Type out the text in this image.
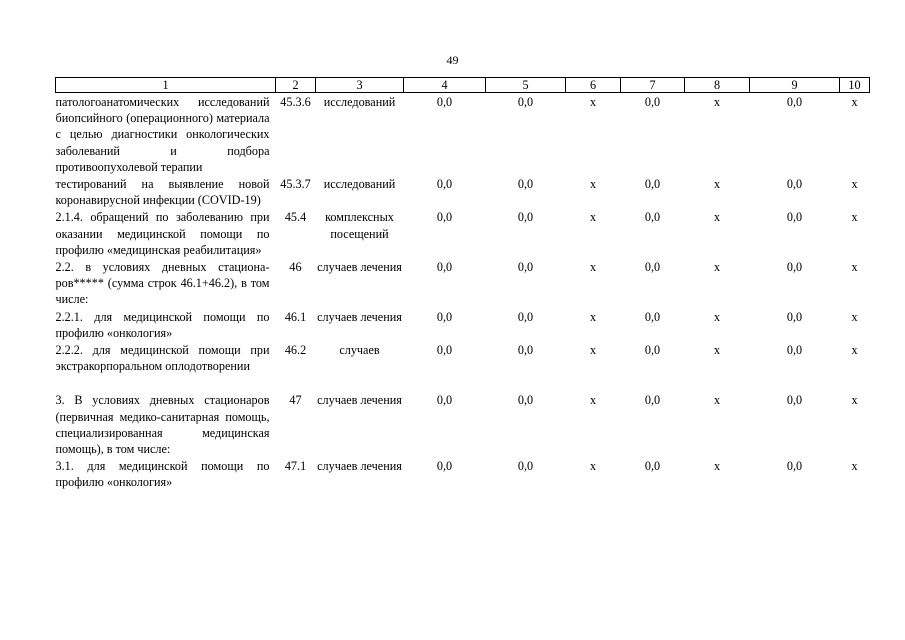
49
1	2	3	4	5	6	7	8	9	10
патологоанатомических исследований биопсийного (операционного) материала с целью диагностики онкологических заболеваний и подбора противоопухолевой терапии	45.3.6	исследований	0,0	0,0	х	0,0	х	0,0	х
тестирований на выявление новой коронавирусной инфекции (COVID-19)	45.3.7	исследований	0,0	0,0	х	0,0	х	0,0	х
2.1.4. обращений по заболеванию при оказании медицинской помощи по профилю «медицинская реабилитация»	45.4	комплексных посещений	0,0	0,0	х	0,0	х	0,0	х
2.2. в условиях дневных стационаров***** (сумма строк 46.1+46.2), в том числе:	46	случаев лечения	0,0	0,0	х	0,0	х	0,0	х
2.2.1. для медицинской помощи по профилю «онкология»	46.1	случаев лечения	0,0	0,0	х	0,0	х	0,0	х
2.2.2. для медицинской помощи при экстракорпоральном оплодотворении	46.2	случаев	0,0	0,0	х	0,0	х	0,0	х

3. В условиях дневных стационаров (первичная медико-санитарная помощь, специализированная медицинская помощь), в том числе:	47	случаев лечения	0,0	0,0	х	0,0	х	0,0	х
3.1. для медицинской помощи по профилю «онкология»	47.1	случаев лечения	0,0	0,0	х	0,0	х	0,0	х
